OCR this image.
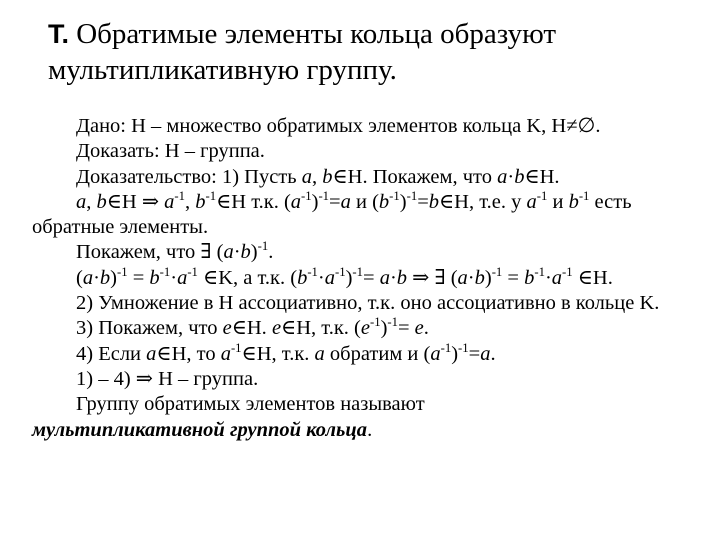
Т. Обратимые элементы кольца образуют мультипликативную группу.

Дано: H – множество обратимых элементов кольца K, H≠∅.

Доказать: H – группа.

Доказательство: 1) Пусть a, b∈H. Покажем, что a·b∈H.

a, b∈H ⇒ $a^{-1}$, $b^{-1}\in H$ т.к. $(a^{-1})^{-1}=a$ и $(b^{-1})^{-1}=b\in H$, т.е. у $a^{-1}$ и $b^{-1}$ есть обратные элементы.

Покажем, что ∃ $(a\cdot b)^{-1}$.

$(a\cdot b)^{-1} = b^{-1}\cdot a^{-1}$ ∈K, а т.к. $(b^{-1}\cdot a^{-1})^{-1}= a\cdot b$ ⇒ ∃ $(a\cdot b)^{-1} = b^{-1}\cdot a^{-1}$ ∈H.

2) Умножение в H ассоциативно, т.к. оно ассоциативно в кольце K.

3) Покажем, что e∈H. e∈H, т.к. $(e^{-1})^{-1}= e$.

4) Если a∈H, то $a^{-1}\in H$, т.к. a обратим и $(a^{-1})^{-1}=a$.

1) – 4) ⇒ H – группа.

Группу обратимых элементов называют

мультипликативной группой кольца.
